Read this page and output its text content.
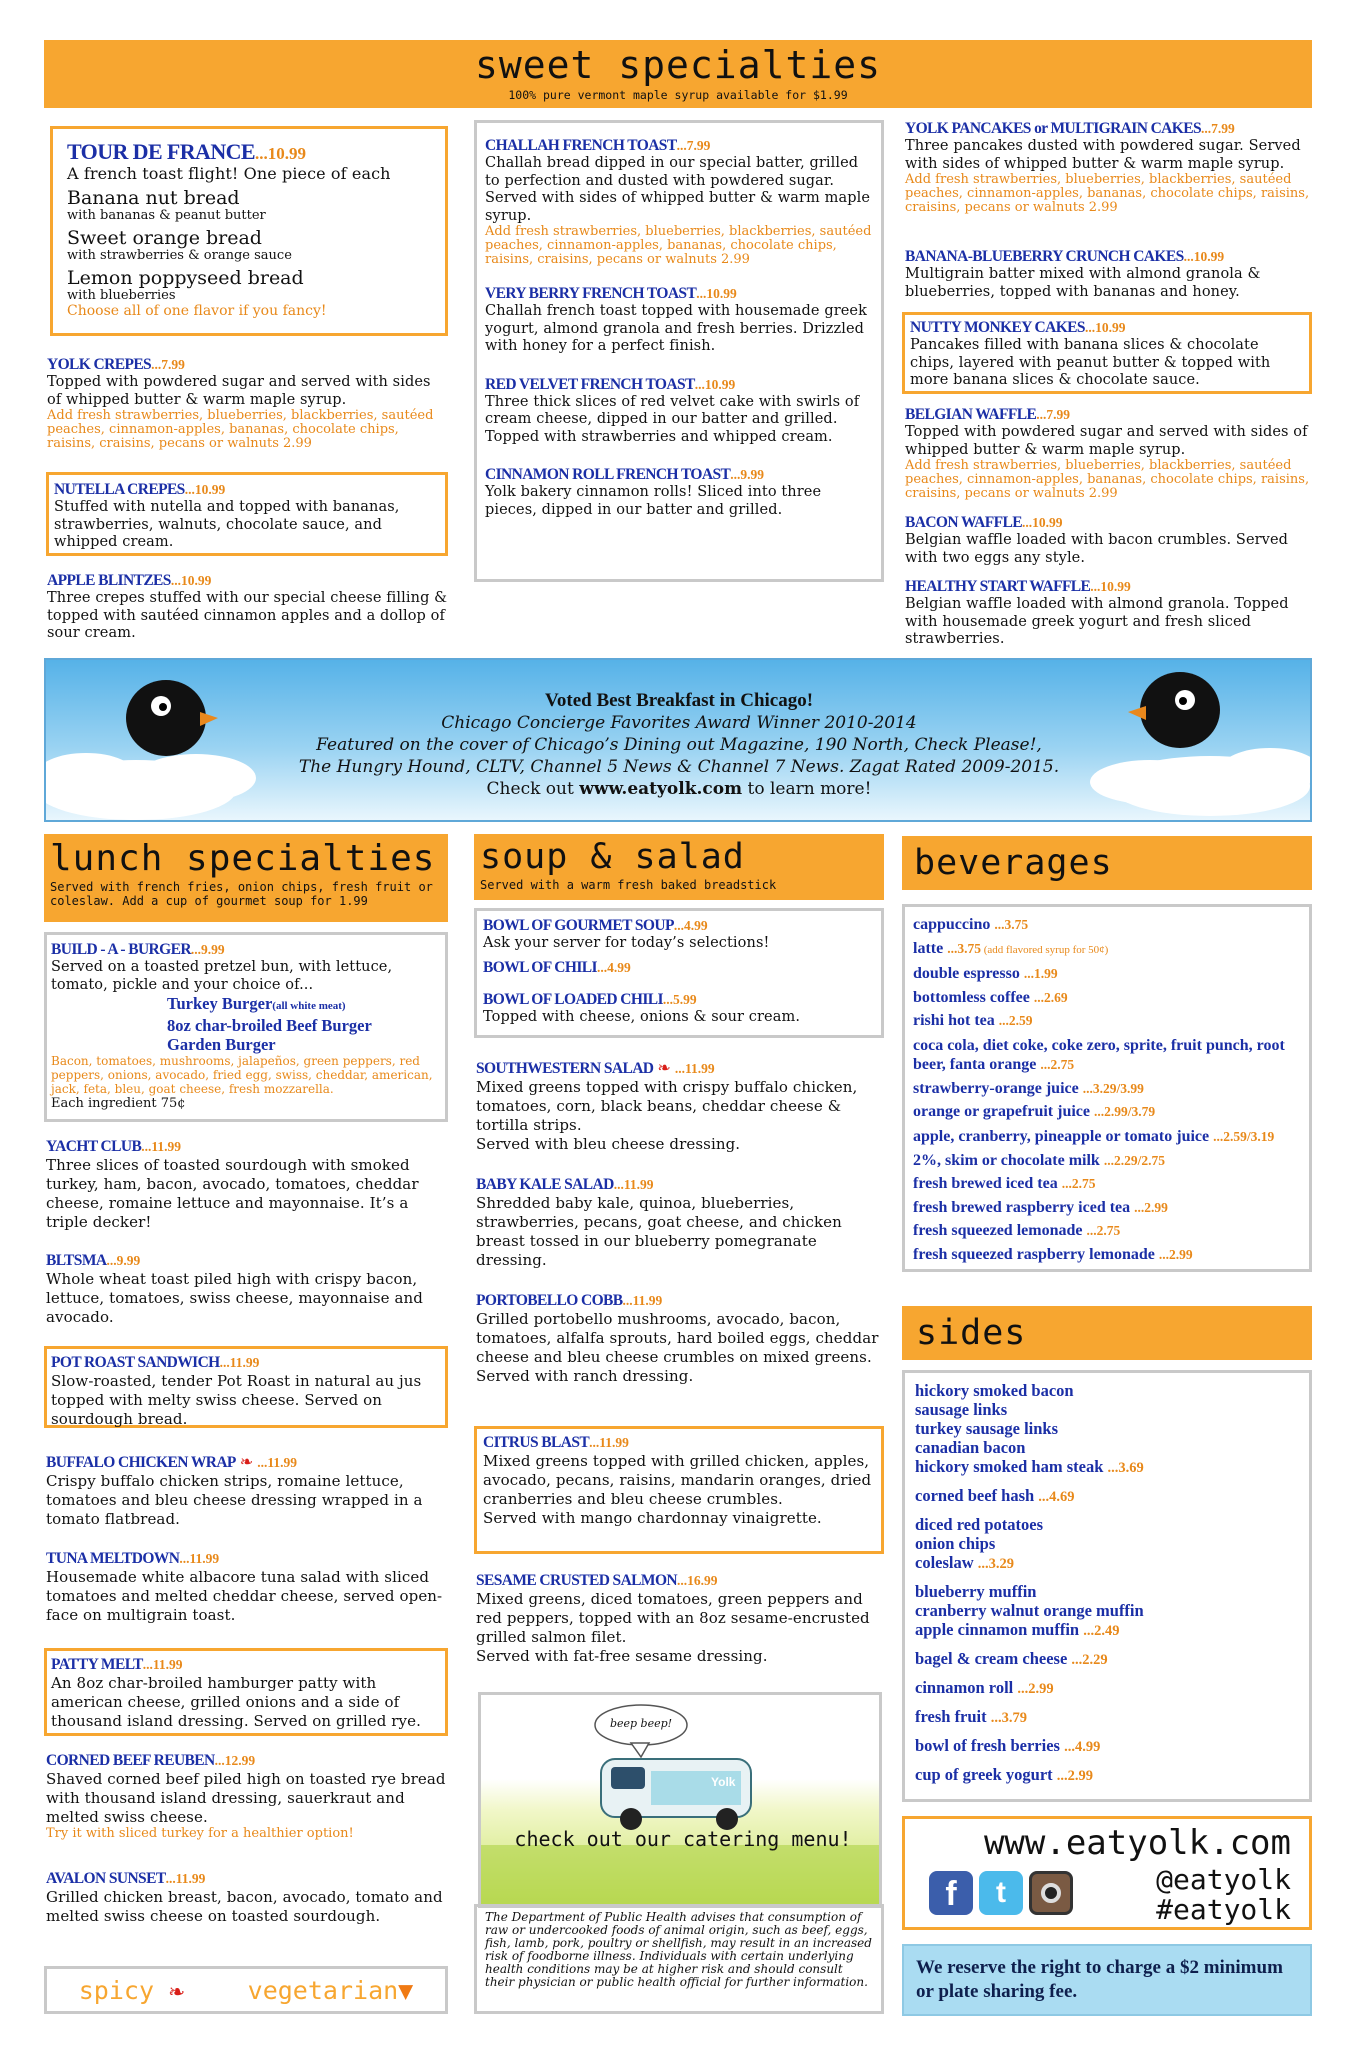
sweet specialties
100% pure vermont maple syrup available for $1.99
TOUR DE FRANCE...10.99
A french toast flight! One piece of each
Banana nut bread
with bananas & peanut butter
Sweet orange bread
with strawberries & orange sauce
Lemon poppyseed bread
with blueberries
Choose all of one flavor if you fancy!
YOLK CREPES...7.99
Topped with powdered sugar and served with sides of whipped butter & warm maple syrup.
Add fresh strawberries, blueberries, blackberries, sautéed peaches, cinnamon-apples, bananas, chocolate chips, raisins, craisins, pecans or walnuts 2.99
NUTELLA CREPES...10.99
Stuffed with nutella and topped with bananas, strawberries, walnuts, chocolate sauce, and whipped cream.
APPLE BLINTZES...10.99
Three crepes stuffed with our special cheese filling & topped with sautéed cinnamon apples and a dollop of sour cream.
CHALLAH FRENCH TOAST...7.99
Challah bread dipped in our special batter, grilled to perfection and dusted with powdered sugar. Served with sides of whipped butter & warm maple syrup.
Add fresh strawberries, blueberries, blackberries, sautéed peaches, cinnamon-apples, bananas, chocolate chips, raisins, craisins, pecans or walnuts 2.99
VERY BERRY FRENCH TOAST...10.99
Challah french toast topped with housemade greek yogurt, almond granola and fresh berries. Drizzled with honey for a perfect finish.
RED VELVET FRENCH TOAST...10.99
Three thick slices of red velvet cake with swirls of cream cheese, dipped in our batter and grilled. Topped with strawberries and whipped cream.
CINNAMON ROLL FRENCH TOAST...9.99
Yolk bakery cinnamon rolls! Sliced into three pieces, dipped in our batter and grilled.
YOLK PANCAKES or MULTIGRAIN CAKES...7.99
Three pancakes dusted with powdered sugar. Served with sides of whipped butter & warm maple syrup.
Add fresh strawberries, blueberries, blackberries, sautéed peaches, cinnamon-apples, bananas, chocolate chips, raisins, craisins, pecans or walnuts 2.99
BANANA-BLUEBERRY CRUNCH CAKES...10.99
Multigrain batter mixed with almond granola & blueberries, topped with bananas and honey.
NUTTY MONKEY CAKES...10.99
Pancakes filled with banana slices & chocolate chips, layered with peanut butter & topped with more banana slices & chocolate sauce.
BELGIAN WAFFLE...7.99
Topped with powdered sugar and served with sides of whipped butter & warm maple syrup.
Add fresh strawberries, blueberries, blackberries, sautéed peaches, cinnamon-apples, bananas, chocolate chips, raisins, craisins, pecans or walnuts 2.99
BACON WAFFLE...10.99
Belgian waffle loaded with bacon crumbles. Served with two eggs any style.
HEALTHY START WAFFLE...10.99
Belgian waffle loaded with almond granola. Topped with housemade greek yogurt and fresh sliced strawberries.
Voted Best Breakfast in Chicago!
Chicago Concierge Favorites Award Winner 2010-2014
Featured on the cover of Chicago’s Dining out Magazine, 190 North, Check Please!,
The Hungry Hound, CLTV, Channel 5 News & Channel 7 News. Zagat Rated 2009-2015.
Check out www.eatyolk.com to learn more!
lunch specialties
Served with french fries, onion chips, fresh fruit or coleslaw. Add a cup of gourmet soup for 1.99
BUILD - A - BURGER...9.99
Served on a toasted pretzel bun, with lettuce, tomato, pickle and your choice of...
Turkey Burger(all white meat)
8oz char-broiled Beef Burger
Garden Burger
Bacon, tomatoes, mushrooms, jalapeños, green peppers, red peppers, onions, avocado, fried egg, swiss, cheddar, american, jack, feta, bleu, goat cheese, fresh mozzarella.
Each ingredient 75¢
YACHT CLUB...11.99
Three slices of toasted sourdough with smoked turkey, ham, bacon, avocado, tomatoes, cheddar cheese, romaine lettuce and mayonnaise. It’s a triple decker!
BLTSMA...9.99
Whole wheat toast piled high with crispy bacon, lettuce, tomatoes, swiss cheese, mayonnaise and avocado.
POT ROAST SANDWICH...11.99
Slow-roasted, tender Pot Roast in natural au jus topped with melty swiss cheese. Served on sourdough bread.
BUFFALO CHICKEN WRAP ❧ ...11.99
Crispy buffalo chicken strips, romaine lettuce, tomatoes and bleu cheese dressing wrapped in a tomato flatbread.
TUNA MELTDOWN...11.99
Housemade white albacore tuna salad with sliced tomatoes and melted cheddar cheese, served open-face on multigrain toast.
PATTY MELT...11.99
An 8oz char-broiled hamburger patty with american cheese, grilled onions and a side of thousand island dressing. Served on grilled rye.
CORNED BEEF REUBEN...12.99
Shaved corned beef piled high on toasted rye bread with thousand island dressing, sauerkraut and melted swiss cheese.
Try it with sliced turkey for a healthier option!
AVALON SUNSET...11.99
Grilled chicken breast, bacon, avocado, tomato and melted swiss cheese on toasted sourdough.
spicy ❧	vegetarian▼
soup & salad
Served with a warm fresh baked breadstick
BOWL OF GOURMET SOUP...4.99
Ask your server for today’s selections!
BOWL OF CHILI...4.99
BOWL OF LOADED CHILI...5.99
Topped with cheese, onions & sour cream.
SOUTHWESTERN SALAD ❧ ...11.99
Mixed greens topped with crispy buffalo chicken, tomatoes, corn, black beans, cheddar cheese & tortilla strips.
Served with bleu cheese dressing.
BABY KALE SALAD...11.99
Shredded baby kale, quinoa, blueberries, strawberries, pecans, goat cheese, and chicken breast tossed in our blueberry pomegranate dressing.
PORTOBELLO COBB...11.99
Grilled portobello mushrooms, avocado, bacon, tomatoes, alfalfa sprouts, hard boiled eggs, cheddar cheese and bleu cheese crumbles on mixed greens.
Served with ranch dressing.
CITRUS BLAST...11.99
Mixed greens topped with grilled chicken, apples, avocado, pecans, raisins, mandarin oranges, dried cranberries and bleu cheese crumbles.
Served with mango chardonnay vinaigrette.
SESAME CRUSTED SALMON...16.99
Mixed greens, diced tomatoes, green peppers and red peppers, topped with an 8oz sesame-encrusted grilled salmon filet.
Served with fat-free sesame dressing.
beep beep!
Yolk
check out our catering menu!
The Department of Public Health advises that consumption of raw or undercooked foods of animal origin, such as beef, eggs, fish, lamb, pork, poultry or shellfish, may result in an increased risk of foodborne illness. Individuals with certain underlying health conditions may be at higher risk and should consult their physician or public health official for further information.
beverages
cappuccino ...3.75
latte ...3.75 (add flavored syrup for 50¢)
double espresso ...1.99
bottomless coffee ...2.69
rishi hot tea ...2.59
coca cola, diet coke, coke zero, sprite, fruit punch, root beer, fanta orange ...2.75
strawberry-orange juice ...3.29/3.99
orange or grapefruit juice ...2.99/3.79
apple, cranberry, pineapple or tomato juice ...2.59/3.19
2%, skim or chocolate milk ...2.29/2.75
fresh brewed iced tea ...2.75
fresh brewed raspberry iced tea ...2.99
fresh squeezed lemonade ...2.75
fresh squeezed raspberry lemonade ...2.99
sides
hickory smoked bacon
sausage links
turkey sausage links
canadian bacon
hickory smoked ham steak ...3.69
corned beef hash ...4.69
diced red potatoes
onion chips
coleslaw ...3.29
blueberry muffin
cranberry walnut orange muffin
apple cinnamon muffin ...2.49
bagel & cream cheese ...2.29
cinnamon roll ...2.99
fresh fruit ...3.79
bowl of fresh berries ...4.99
cup of greek yogurt ...2.99
www.eatyolk.com
f t	@eatyolk
#eatyolk
We reserve the right to charge a $2 minimum or plate sharing fee.
